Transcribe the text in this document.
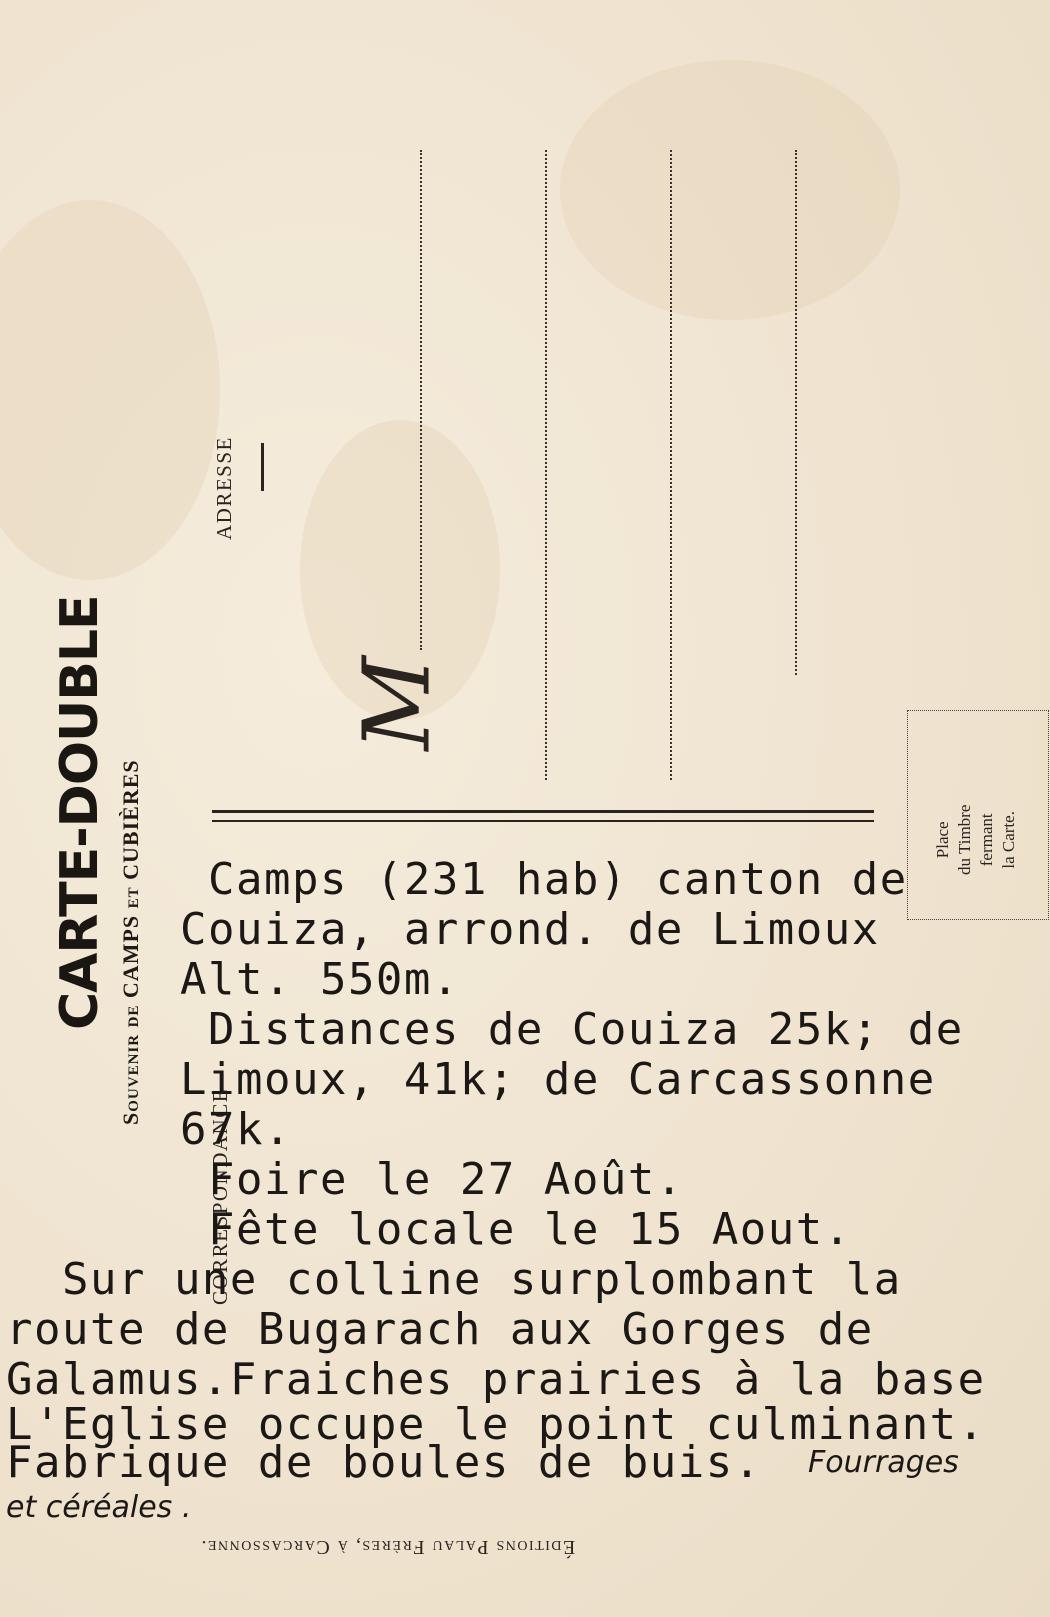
CARTE-DOUBLE Souvenir de CAMPS et CUBIÈRES
ADRESSE
M
Place du Timbre fermant la Carte.
CORRESPONDANCE
Camps (231 hab) canton de
Couiza, arrond. de Limoux
Alt. 550m.
Distances de Couiza 25k; de
Limoux, 41k; de Carcassonne
67k.
Foire le 27 Août.
Fête locale le 15 Aout.
Sur une colline surplombant la
route de Bugarach aux Gorges de
Galamus.Fraiches prairies à la base
L'Eglise occupe le point culminant.
Fabrique de boules de buis. Fourrages
et céréales .
Éditions Palau Frères, à Carcassonne.
